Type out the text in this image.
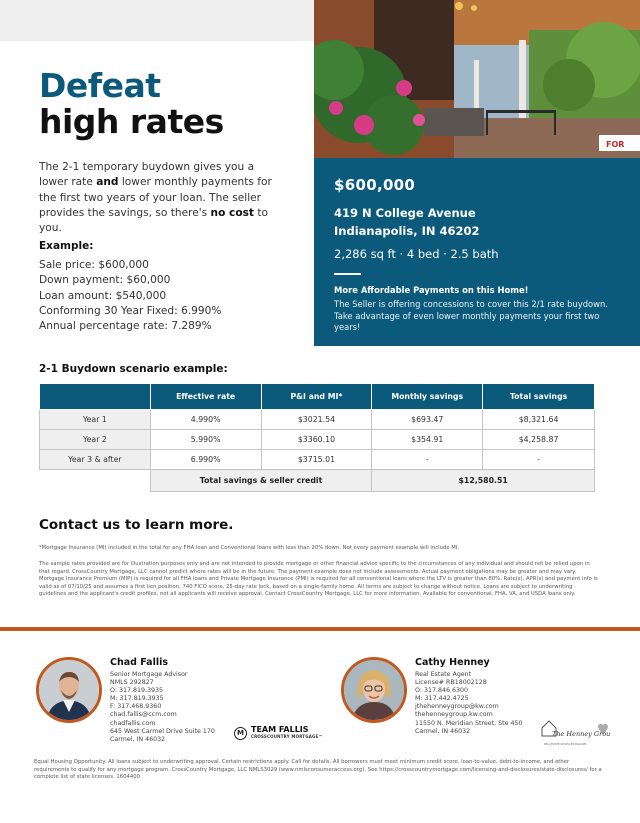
FOR
Defeat
high rates

The 2-1 temporary buydown gives you a lower rate and lower monthly payments for the first two years of your loan. The seller provides the savings, so there's no cost to you.

Example:
Sale price: $600,000
Down payment: $60,000
Loan amount: $540,000
Conforming 30 Year Fixed: 6.990%
Annual percentage rate: 7.289%
$600,000
419 N College Avenue
Indianapolis, IN 46202
2,286 sq ft · 4 bed · 2.5 bath
More Affordable Payments on this Home!
The Seller is offering concessions to cover this 2/1 rate buydown. Take advantage of even lower monthly payments your first two years!
2-1 Buydown scenario example:
	Effective rate	P&I and MI*	Monthly savings	Total savings
Year 1	4.990%	$3021.54	$693.47	$8,321.64
Year 2	5.990%	$3360.10	$354.91	$4,258.87
Year 3 & after	6.990%	$3715.01	-	-
	Total savings & seller credit		$12,580.51	
Contact us to learn more.

*Mortgage Insurance (MI) included in the total for any FHA loan and Conventional loans with less than 20% down. Not every payment example will include MI.

The sample rates provided are for illustration purposes only and are not intended to provide mortgage or other financial advice specific to the circumstances of any individual and should not be relied upon in that regard. CrossCountry Mortgage, LLC cannot predict where rates will be in the future. The payment example does not include assessments. Actual payment obligations may be greater and may vary. Mortgage Insurance Premium (MIP) is required for all FHA loans and Private Mortgage Insurance (PMI) is required for all conventional loans where the LTV is greater than 80%. Rate(s), APR(s) and payment info is valid as of 07/10/25 and assumes a first lien position, 740 FICO score, 25-day rate lock, based on a single-family home. All terms are subject to change without notice. Loans are subject to underwriting guidelines and the applicant's credit profiles, not all applicants will receive approval. Contact CrossCountry Mortgage, LLC for more information. Available for conventional, FHA, VA, and USDA loans only.

Chad Fallis
Senior Mortgage Advisor
NMLS 292827
O: 317.819.3935
M: 317.819.3935
F: 317.468.9360
chad.fallis@ccm.com
chadfallis.com
645 West Carmel Drive Suite 170
Carmel, IN 46032
M TEAM FALLIS
CROSSCOUNTRY MORTGAGE™
Cathy Henney
Real Estate Agent
License# RB18002128
O: 317.846.6300
M: 317.442.4725
jthehenneygroup@kw.com
thehenneygroup.kw.com
11550 N. Meridian Street, Ste 450
Carmel, IN 46032	The Henney Group
REAL ESTATE KW KELLER WILLIAMS

Equal Housing Opportunity. All loans subject to underwriting approval. Certain restrictions apply. Call for details. All borrowers must meet minimum credit score, loan-to-value, debt-to-income, and other requirements to qualify for any mortgage program. CrossCountry Mortgage, LLC NMLS3029 (www.nmlsconsumeraccess.org). See https://crosscountrymortgage.com/licensing-and-disclosures/state-disclosures/ for a complete list of state licenses. 1604400
